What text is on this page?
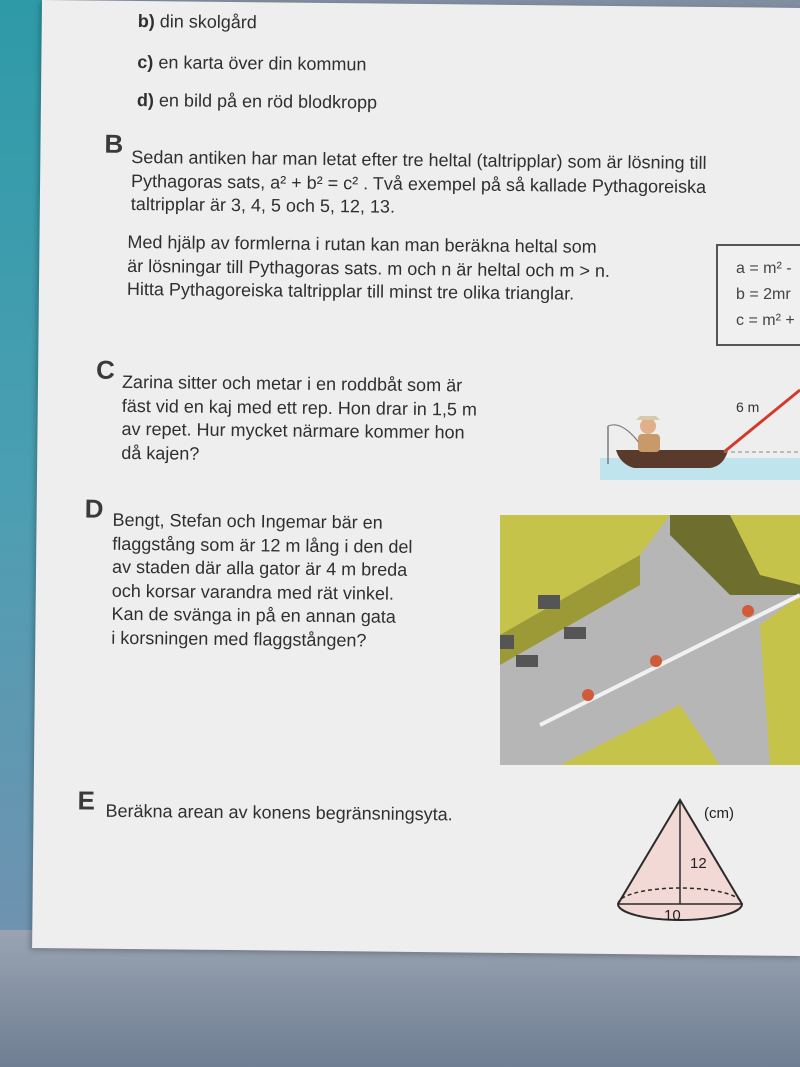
b) din skolgård
c) en karta över din kommun
d) en bild på en röd blodkropp
B
Sedan antiken har man letat efter tre heltal (taltripplar) som är lösning till
Pythagoras sats, a² + b² = c² . Två exempel på så kallade Pythagoreiska
taltripplar är 3, 4, 5 och 5, 12, 13.
Med hjälp av formlerna i rutan kan man beräkna heltal som
är lösningar till Pythagoras sats. m och n är heltal och m > n.
Hitta Pythagoreiska taltripplar till minst tre olika trianglar.
C Zarina sitter och metar i en roddbåt som är
fäst vid en kaj med ett rep. Hon drar in 1,5 m
av repet. Hur mycket närmare kommer hon
då kajen?
D Bengt, Stefan och Ingemar bär en
flaggstång som är 12 m lång i den del
av staden där alla gator är 4 m breda
och korsar varandra med rät vinkel.
Kan de svänga in på en annan gata
i korsningen med flaggstången?
E Beräkna arean av konens begränsningsyta.
a = m² -
b = 2mr
c = m² +
6 m
12
10
(cm)
